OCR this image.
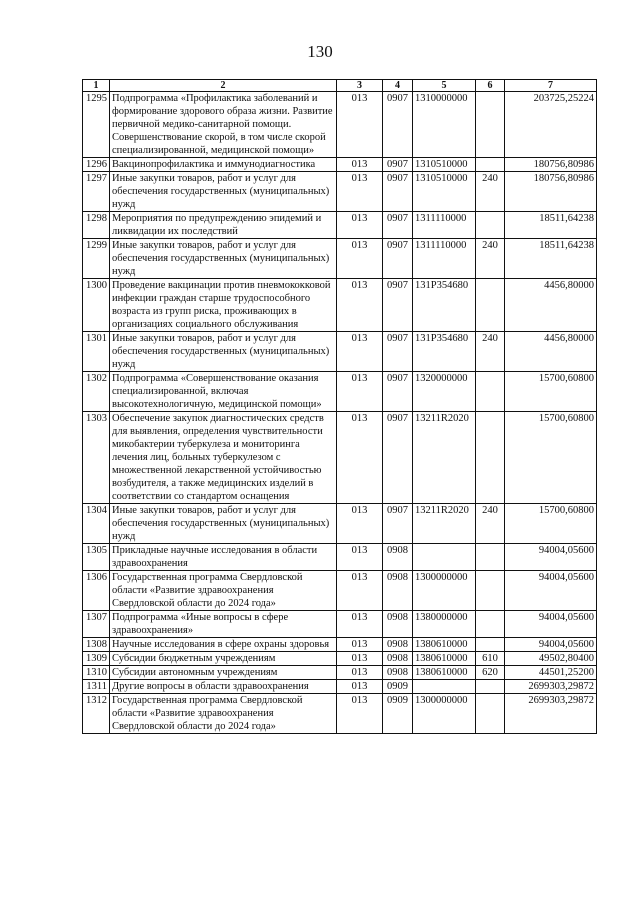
130
1	2	3	4	5	6	7
1295	Подпрограмма «Профилактика заболеваний и формирование здорового образа жизни. Развитие первичной медико-санитарной помощи. Совершенствование скорой, в том числе скорой специализированной, медицинской помощи»	013	0907	1310000000		203725,25224
1296	Вакцинопрофилактика и иммунодиагностика	013	0907	1310510000		180756,80986
1297	Иные закупки товаров, работ и услуг для обеспечения государственных (муниципальных) нужд	013	0907	1310510000	240	180756,80986
1298	Мероприятия по предупреждению эпидемий и ликвидации их последствий	013	0907	1311110000		18511,64238
1299	Иные закупки товаров, работ и услуг для обеспечения государственных (муниципальных) нужд	013	0907	1311110000	240	18511,64238
1300	Проведение вакцинации против пневмококковой инфекции граждан старше трудоспособного возраста из групп риска, проживающих в организациях социального обслуживания	013	0907	131P354680		4456,80000
1301	Иные закупки товаров, работ и услуг для обеспечения государственных (муниципальных) нужд	013	0907	131P354680	240	4456,80000
1302	Подпрограмма «Совершенствование оказания специализированной, включая высокотехнологичную, медицинской помощи»	013	0907	1320000000		15700,60800
1303	Обеспечение закупок диагностических средств для выявления, определения чувствительности микобактерии туберкулеза и мониторинга лечения лиц, больных туберкулезом с множественной лекарственной устойчивостью возбудителя, а также медицинских изделий в соответствии со стандартом оснащения	013	0907	13211R2020		15700,60800
1304	Иные закупки товаров, работ и услуг для обеспечения государственных (муниципальных) нужд	013	0907	13211R2020	240	15700,60800
1305	Прикладные научные исследования в области здравоохранения	013	0908			94004,05600
1306	Государственная программа Свердловской области «Развитие здравоохранения Свердловской области до 2024 года»	013	0908	1300000000		94004,05600
1307	Подпрограмма «Иные вопросы в сфере здравоохранения»	013	0908	1380000000		94004,05600
1308	Научные исследования в сфере охраны здоровья	013	0908	1380610000		94004,05600
1309	Субсидии бюджетным учреждениям	013	0908	1380610000	610	49502,80400
1310	Субсидии автономным учреждениям	013	0908	1380610000	620	44501,25200
1311	Другие вопросы в области здравоохранения	013	0909			2699303,29872
1312	Государственная программа Свердловской области «Развитие здравоохранения Свердловской области до 2024 года»	013	0909	1300000000		2699303,29872
